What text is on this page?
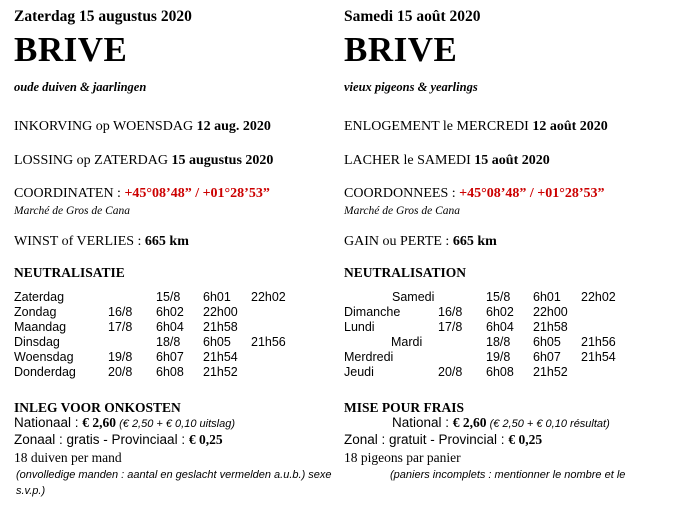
Zaterdag 15 augustus 2020
BRIVE
oude duiven & jaarlingen
INKORVING op WOENSDAG 12 aug. 2020
LOSSING op ZATERDAG 15 augustus 2020
COORDINATEN : +45°08’48” / +01°28’53”
Marché de Gros de Cana
WINST of VERLIES : 665 km
NEUTRALISATIE
Zaterdag	15/8 6h01 22h02
Zondag	16/8 6h02 22h00
Maandag	17/8 6h04 21h58
Dinsdag	18/8 6h05 21h56
Woensdag	19/8 6h07 21h54
Donderdag	20/8 6h08 21h52
INLEG VOOR ONKOSTEN
Nationaal : € 2,60 (€ 2,50 + € 0,10 uitslag)
Zonaal : gratis - Provinciaal : € 0,25
18 duiven per mand
(onvolledige manden : aantal en geslacht vermelden a.u.b.) sexe s.v.p.)
Samedi 15 août 2020
BRIVE
vieux pigeons & yearlings
ENLOGEMENT le MERCREDI 12 août 2020
LACHER le SAMEDI 15 août 2020
COORDONNEES : +45°08’48” / +01°28’53”
Marché de Gros de Cana
GAIN ou PERTE : 665 km
NEUTRALISATION
Samedi	15/8 6h01 22h02
Dimanche	16/8 6h02 22h00
Lundi	17/8 6h04 21h58
Mardi	18/8 6h05 21h56
Merdredi	19/8 6h07 21h54
Jeudi	20/8 6h08 21h52
MISE POUR FRAIS
National : € 2,60 (€ 2,50 + € 0,10 résultat)
Zonal : gratuit - Provincial : € 0,25
18 pigeons par panier
(paniers incomplets : mentionner le nombre et le
